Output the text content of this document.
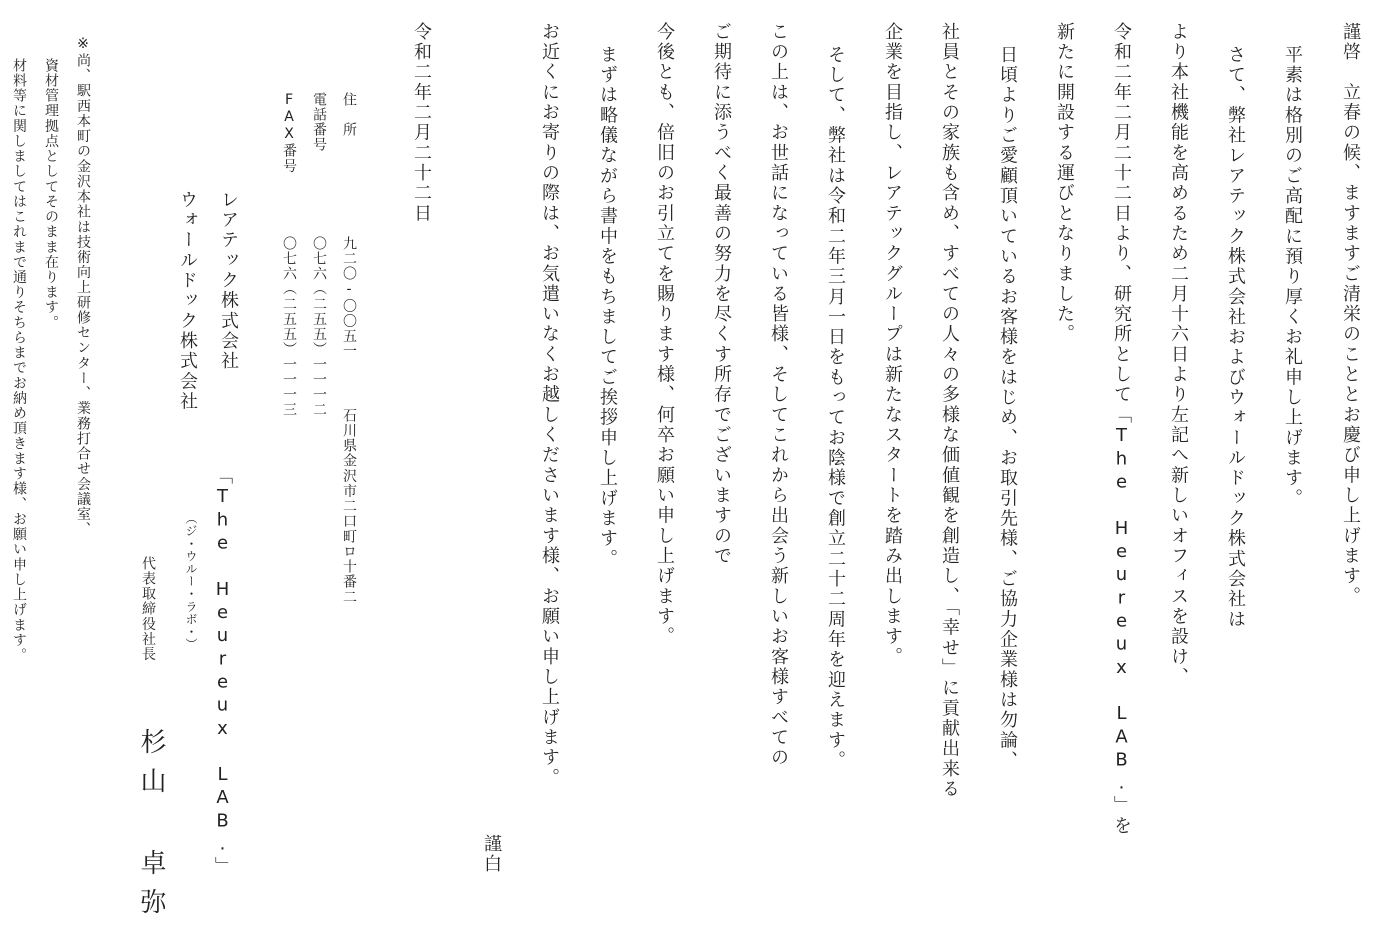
謹啓　立春の候、ますますご清栄のこととお慶び申し上げます。
平素は格別のご高配に預り厚くお礼申し上げます。
さて、弊社レアテック株式会社およびウォールドック株式会社は
より本社機能を高めるため二月十六日より左記へ新しいオフィスを設け、
令和二年二月二十二日より、研究所として「The Heureux LAB.」を
新たに開設する運びとなりました。
日頃よりご愛顧頂いているお客様をはじめ、お取引先様、ご協力企業様は勿論、
社員とその家族も含め、すべての人々の多様な価値観を創造し、「幸せ」に貢献出来る
企業を目指し、レアテックグループは新たなスタートを踏み出します。
そして、弊社は令和二年三月一日をもってお陰様で創立二十二周年を迎えます。
この上は、お世話になっている皆様、そしてこれから出会う新しいお客様すべての
ご期待に添うべく最善の努力を尽くす所存でございますので
今後とも、倍旧のお引立てを賜ります様、何卒お願い申し上げます。
まずは略儀ながら書中をもちましてご挨拶申し上げます。
お近くにお寄りの際は、お気遣いなくお越しくださいます様、お願い申し上げます。
謹白
令和二年二月二十二日
住　所
九二〇-〇〇五一
石川県金沢市二口町ロ十番二
電話番号
〇七六（二五五）一一一二
FAX番号
〇七六（二五五）一一一三
レアテック株式会社
ウォールドック株式会社
「The Heureux LAB.」
（ジ・ウルー・ラボ・）
代表取締役社長
杉山 卓弥
※尚、駅西本町の金沢本社は技術向上研修センター、業務打合せ会議室、
資材管理拠点としてそのまま在ります。
材料等に関しましてはこれまで通りそちらまでお納め頂きます様、お願い申し上げます。
